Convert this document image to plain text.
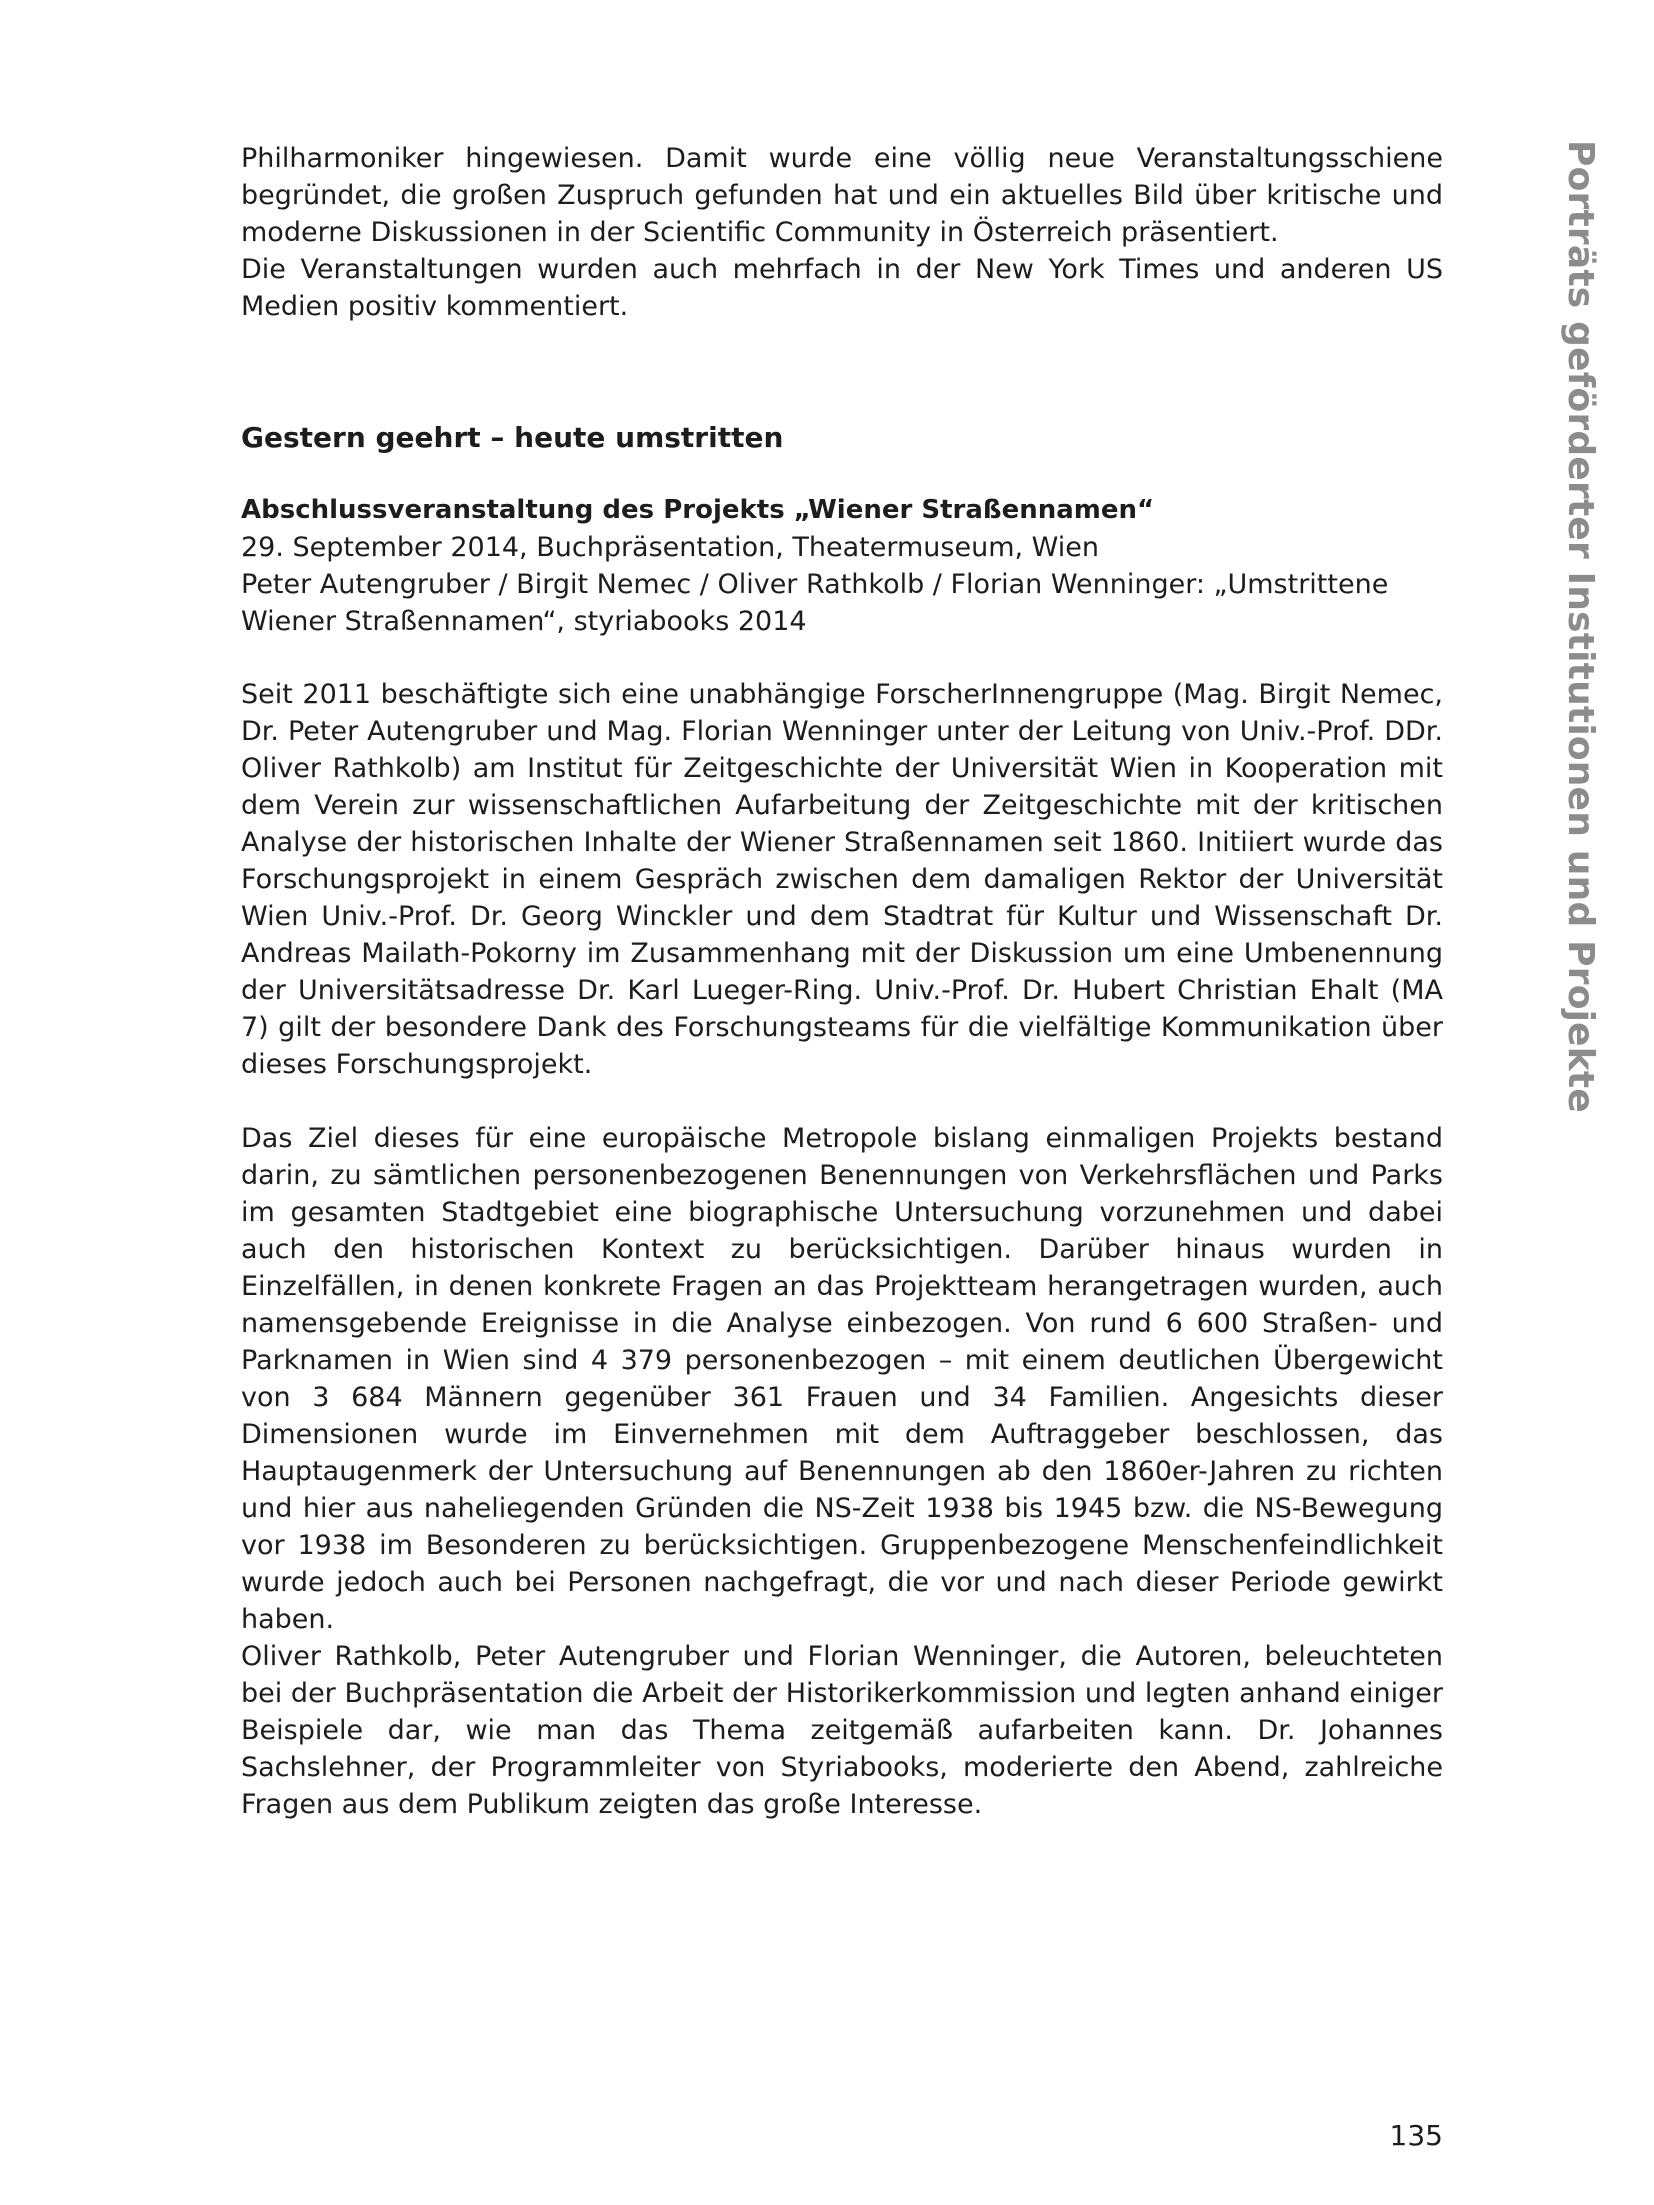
Porträts geförderter Institutionen und Projekte

Philharmoniker hingewiesen. Damit wurde eine völlig neue Veranstaltungsschiene begründet, die großen Zuspruch gefunden hat und ein aktuelles Bild über kritische und moderne Diskussionen in der Scientific Community in Österreich präsentiert.

Die Veranstaltungen wurden auch mehrfach in der New York Times und anderen US Medien positiv kommentiert.

Gestern geehrt – heute umstritten
Abschlussveranstaltung des Projekts „Wiener Straßennamen“

29. September 2014, Buchpräsentation, Theatermuseum, Wien

Peter Autengruber / Birgit Nemec / Oliver Rathkolb / Florian Wenninger: „Umstrittene

Wiener Straßennamen“, styriabooks 2014

Seit 2011 beschäftigte sich eine unabhängige ForscherInnengruppe (Mag. Birgit Nemec, Dr. Peter Autengruber und Mag. Florian Wenninger unter der Leitung von Univ.-Prof. DDr. Oliver Rathkolb) am Institut für Zeitgeschichte der Universität Wien in Kooperation mit dem Verein zur wissenschaftlichen Aufarbeitung der Zeitgeschichte mit der kritischen Analyse der historischen Inhalte der Wiener Straßennamen seit 1860. Initiiert wurde das Forschungsprojekt in einem Gespräch zwischen dem damaligen Rektor der Universität Wien Univ.-Prof. Dr. Georg Winckler und dem Stadtrat für Kultur und Wissenschaft Dr. Andreas Mailath-Pokorny im Zusammenhang mit der Diskussion um eine Umbenennung der Universitätsadresse Dr. Karl Lueger-Ring. Univ.-Prof. Dr. Hubert Christian Ehalt (MA 7) gilt der besondere Dank des Forschungsteams für die vielfältige Kommunikation über dieses Forschungsprojekt.

Das Ziel dieses für eine europäische Metropole bislang einmaligen Projekts bestand darin, zu sämtlichen personenbezogenen Benennungen von Verkehrsflächen und Parks im gesamten Stadtgebiet eine biographische Untersuchung vorzunehmen und dabei auch den historischen Kontext zu berücksichtigen. Darüber hinaus wurden in Einzelfällen, in denen konkrete Fragen an das Projektteam herangetragen wurden, auch namensgebende Ereignisse in die Analyse einbezogen. Von rund 6 600 Straßen- und Parknamen in Wien sind 4 379 personenbezogen – mit einem deutlichen Übergewicht von 3 684 Männern gegenüber 361 Frauen und 34 Familien. Angesichts dieser Dimensionen wurde im Einvernehmen mit dem Auftraggeber beschlossen, das Hauptaugenmerk der Untersuchung auf Benennungen ab den 1860er-Jahren zu richten und hier aus naheliegenden Gründen die NS-Zeit 1938 bis 1945 bzw. die NS-Bewegung vor 1938 im Besonderen zu berücksichtigen. Gruppenbezogene Menschenfeindlichkeit wurde jedoch auch bei Personen nachgefragt, die vor und nach dieser Periode gewirkt haben.

Oliver Rathkolb, Peter Autengruber und Florian Wenninger, die Autoren, beleuchteten bei der Buchpräsentation die Arbeit der Historikerkommission und legten anhand einiger Beispiele dar, wie man das Thema zeitgemäß aufarbeiten kann. Dr. Johannes Sachslehner, der Programmleiter von Styriabooks, moderierte den Abend, zahlreiche Fragen aus dem Publikum zeigten das große Interesse.

135
